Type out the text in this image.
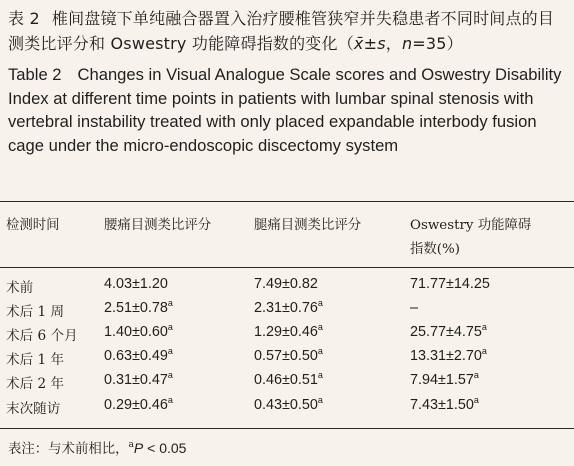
表 2 椎间盘镜下单纯融合器置入治疗腰椎管狭窄并失稳患者不同时间点的目测类比评分和 Oswestry 功能障碍指数的变化（x̄±s，n=35）
Table 2 Changes in Visual Analogue Scale scores and Oswestry Disability Index at different time points in patients with lumbar spinal stenosis with vertebral instability treated with only placed expandable interbody fusion cage under the micro-endoscopic discectomy system
检测时间	腰痛目测类比评分	腿痛目测类比评分	Oswestry 功能障碍
指数(%)
术前	4.03±1.20	7.49±0.82	71.77±14.25
术后 1 周	2.51±0.78$^a$	2.31±0.76$^a$	–
术后 6 个月 1.40±0.60$^a$	1.29±0.46$^a$	25.77±4.75$^a$
术后 1 年	0.63±0.49$^a$	0.57±0.50$^a$	13.31±2.70$^a$
术后 2 年	0.31±0.47$^a$	0.46±0.51$^a$	7.94±1.57$^a$
末次随访	0.29±0.46$^a$	0.43±0.50$^a$	7.43±1.50$^a$
表注：与术前相比，$^a$P < 0.05
